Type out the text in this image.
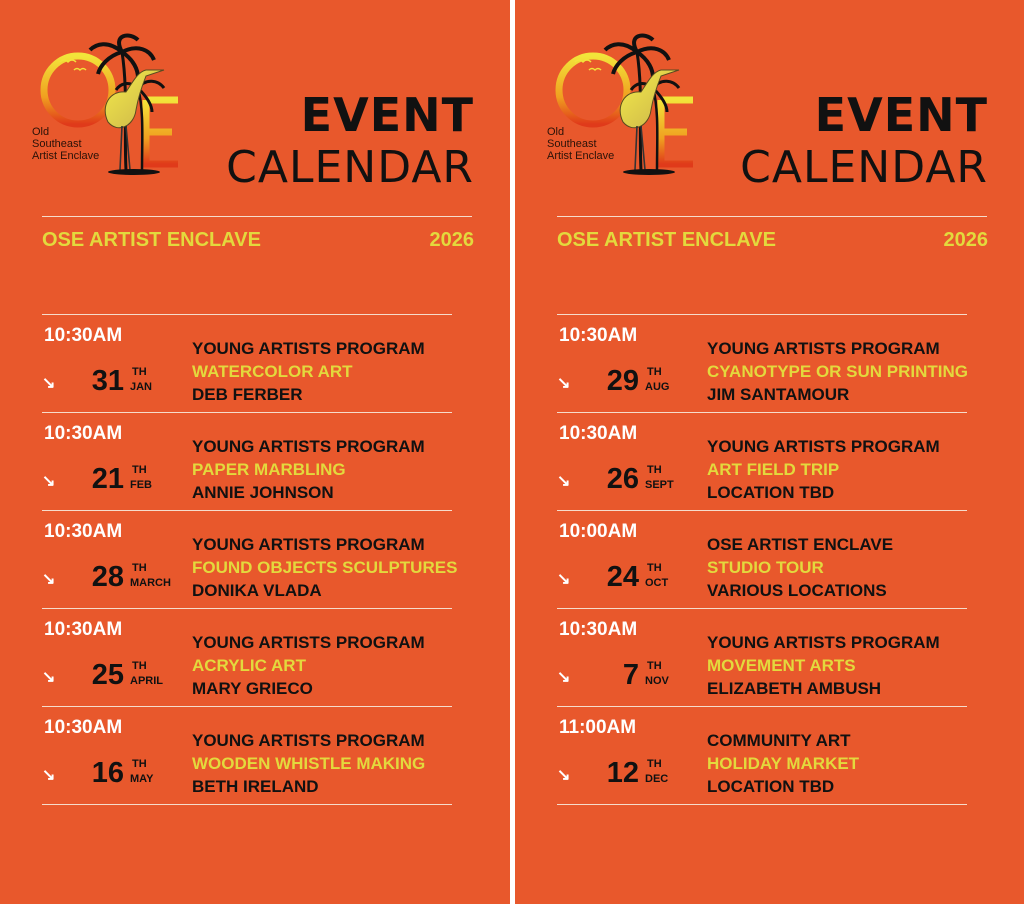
Old
Southeast
Artist Enclave
EVENT
CALENDAR
OSE ARTIST ENCLAVE	2026
10:30AM
↘ 31 TH
JAN
YOUNG ARTISTS PROGRAM
WATERCOLOR ART
DEB FERBER
10:30AM
↘ 21 TH
FEB
YOUNG ARTISTS PROGRAM
PAPER MARBLING
ANNIE JOHNSON
10:30AM
↘ 28 TH
MARCH
YOUNG ARTISTS PROGRAM
FOUND OBJECTS SCULPTURES
DONIKA VLADA
10:30AM
↘ 25 TH
APRIL
YOUNG ARTISTS PROGRAM
ACRYLIC ART
MARY GRIECO
10:30AM
↘ 16 TH
MAY
YOUNG ARTISTS PROGRAM
WOODEN WHISTLE MAKING
BETH IRELAND
Old
Southeast
Artist Enclave
EVENT
CALENDAR
OSE ARTIST ENCLAVE	2026
10:30AM
↘ 29 TH
AUG
YOUNG ARTISTS PROGRAM
CYANOTYPE OR SUN PRINTING
JIM SANTAMOUR
10:30AM
↘ 26 TH
SEPT
YOUNG ARTISTS PROGRAM
ART FIELD TRIP
LOCATION TBD
10:00AM
↘ 24 TH
OCT
OSE ARTIST ENCLAVE
STUDIO TOUR
VARIOUS LOCATIONS
10:30AM
↘ 7 TH
NOV
YOUNG ARTISTS PROGRAM
MOVEMENT ARTS
ELIZABETH AMBUSH
11:00AM
↘ 12 TH
DEC
COMMUNITY ART
HOLIDAY MARKET
LOCATION TBD
